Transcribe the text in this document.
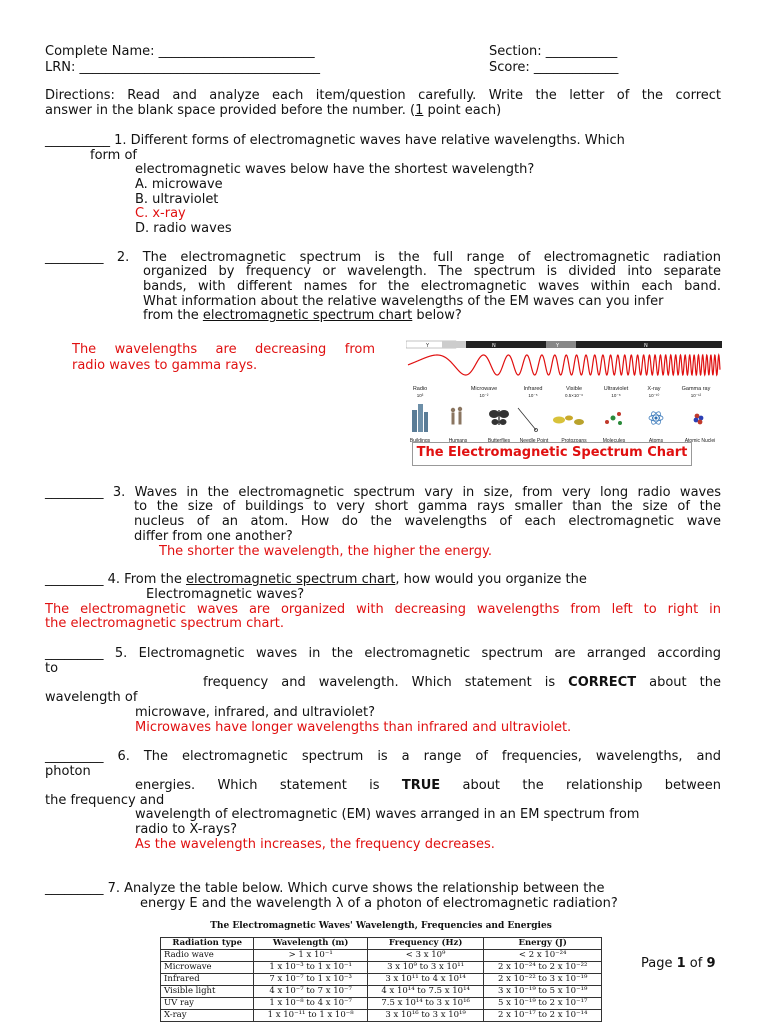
Complete Name: ________________________
LRN: _____________________________________
Section: ___________
Score: _____________
Directions: Read and analyze each item/question carefully. Write the letter of the correct
answer in the blank space provided before the number. (1 point each)
__________ 1. Different forms of electromagnetic waves have relative wavelengths. Which
form of
electromagnetic waves below have the shortest wavelength?
A. microwave
B. ultraviolet
C. x-ray
D. radio waves
_________ 2. The electromagnetic spectrum is the full range of electromagnetic radiation
organized by frequency or wavelength. The spectrum is divided into separate
bands, with different names for the electromagnetic waves within each band.
What information about the relative wavelengths of the EM waves can you infer
from the electromagnetic spectrum chart below?
The wavelengths are decreasing from
radio waves to gamma rays.
Y	N	Y	N
Radio	Microwave	Infrared	Visible	Ultraviolet	X-ray	Gamma ray
10³	10⁻²	10⁻⁵	0.5×10⁻⁶	10⁻⁸	10⁻¹⁰	10⁻¹²
Buildings	Humans	Butterflies Needle Point	Protozoans	Molecules	Atoms	Atomic Nuclei
The Electromagnetic Spectrum Chart
_________ 3. Waves in the electromagnetic spectrum vary in size, from very long radio waves
to the size of buildings to very short gamma rays smaller than the size of the
nucleus of an atom. How do the wavelengths of each electromagnetic wave
differ from one another?
The shorter the wavelength, the higher the energy.
_________ 4. From the electromagnetic spectrum chart, how would you organize the
Electromagnetic waves?
The electromagnetic waves are organized with decreasing wavelengths from left to right in
the electromagnetic spectrum chart.
_________ 5. Electromagnetic waves in the electromagnetic spectrum are arranged according
to
frequency and wavelength. Which statement is CORRECT about the
wavelength of
microwave, infrared, and ultraviolet?
Microwaves have longer wavelengths than infrared and ultraviolet.
_________ 6. The electromagnetic spectrum is a range of frequencies, wavelengths, and
photon
energies. Which statement is TRUE about the relationship between
the frequency and
wavelength of electromagnetic (EM) waves arranged in an EM spectrum from
radio to X-rays?
As the wavelength increases, the frequency decreases.
_________ 7. Analyze the table below. Which curve shows the relationship between the
energy E and the wavelength λ of a photon of electromagnetic radiation?
The Electromagnetic Waves' Wavelength, Frequencies and Energies
Radiation type	Wavelength (m)	Frequency (Hz)	Energy (J)
Radio wave	> 1 x 10⁻¹	< 3 x 10⁹	< 2 x 10⁻²⁴
Microwave	1 x 10⁻³ to 1 x 10⁻¹	3 x 10⁹ to 3 x 10¹¹	2 x 10⁻²⁴ to 2 x 10⁻²²
Infrared	7 x 10⁻⁷ to 1 x 10⁻³	3 x 10¹¹ to 4 x 10¹⁴	2 x 10⁻²² to 3 x 10⁻¹⁹
Visible light	4 x 10⁻⁷ to 7 x 10⁻⁷	4 x 10¹⁴ to 7.5 x 10¹⁴	3 x 10⁻¹⁹ to 5 x 10⁻¹⁹
UV ray	1 x 10⁻⁸ to 4 x 10⁻⁷	7.5 x 10¹⁴ to 3 x 10¹⁶	5 x 10⁻¹⁹ to 2 x 10⁻¹⁷
X-ray	1 x 10⁻¹¹ to 1 x 10⁻⁸	3 x 10¹⁶ to 3 x 10¹⁹	2 x 10⁻¹⁷ to 2 x 10⁻¹⁴
Page 1 of 9
